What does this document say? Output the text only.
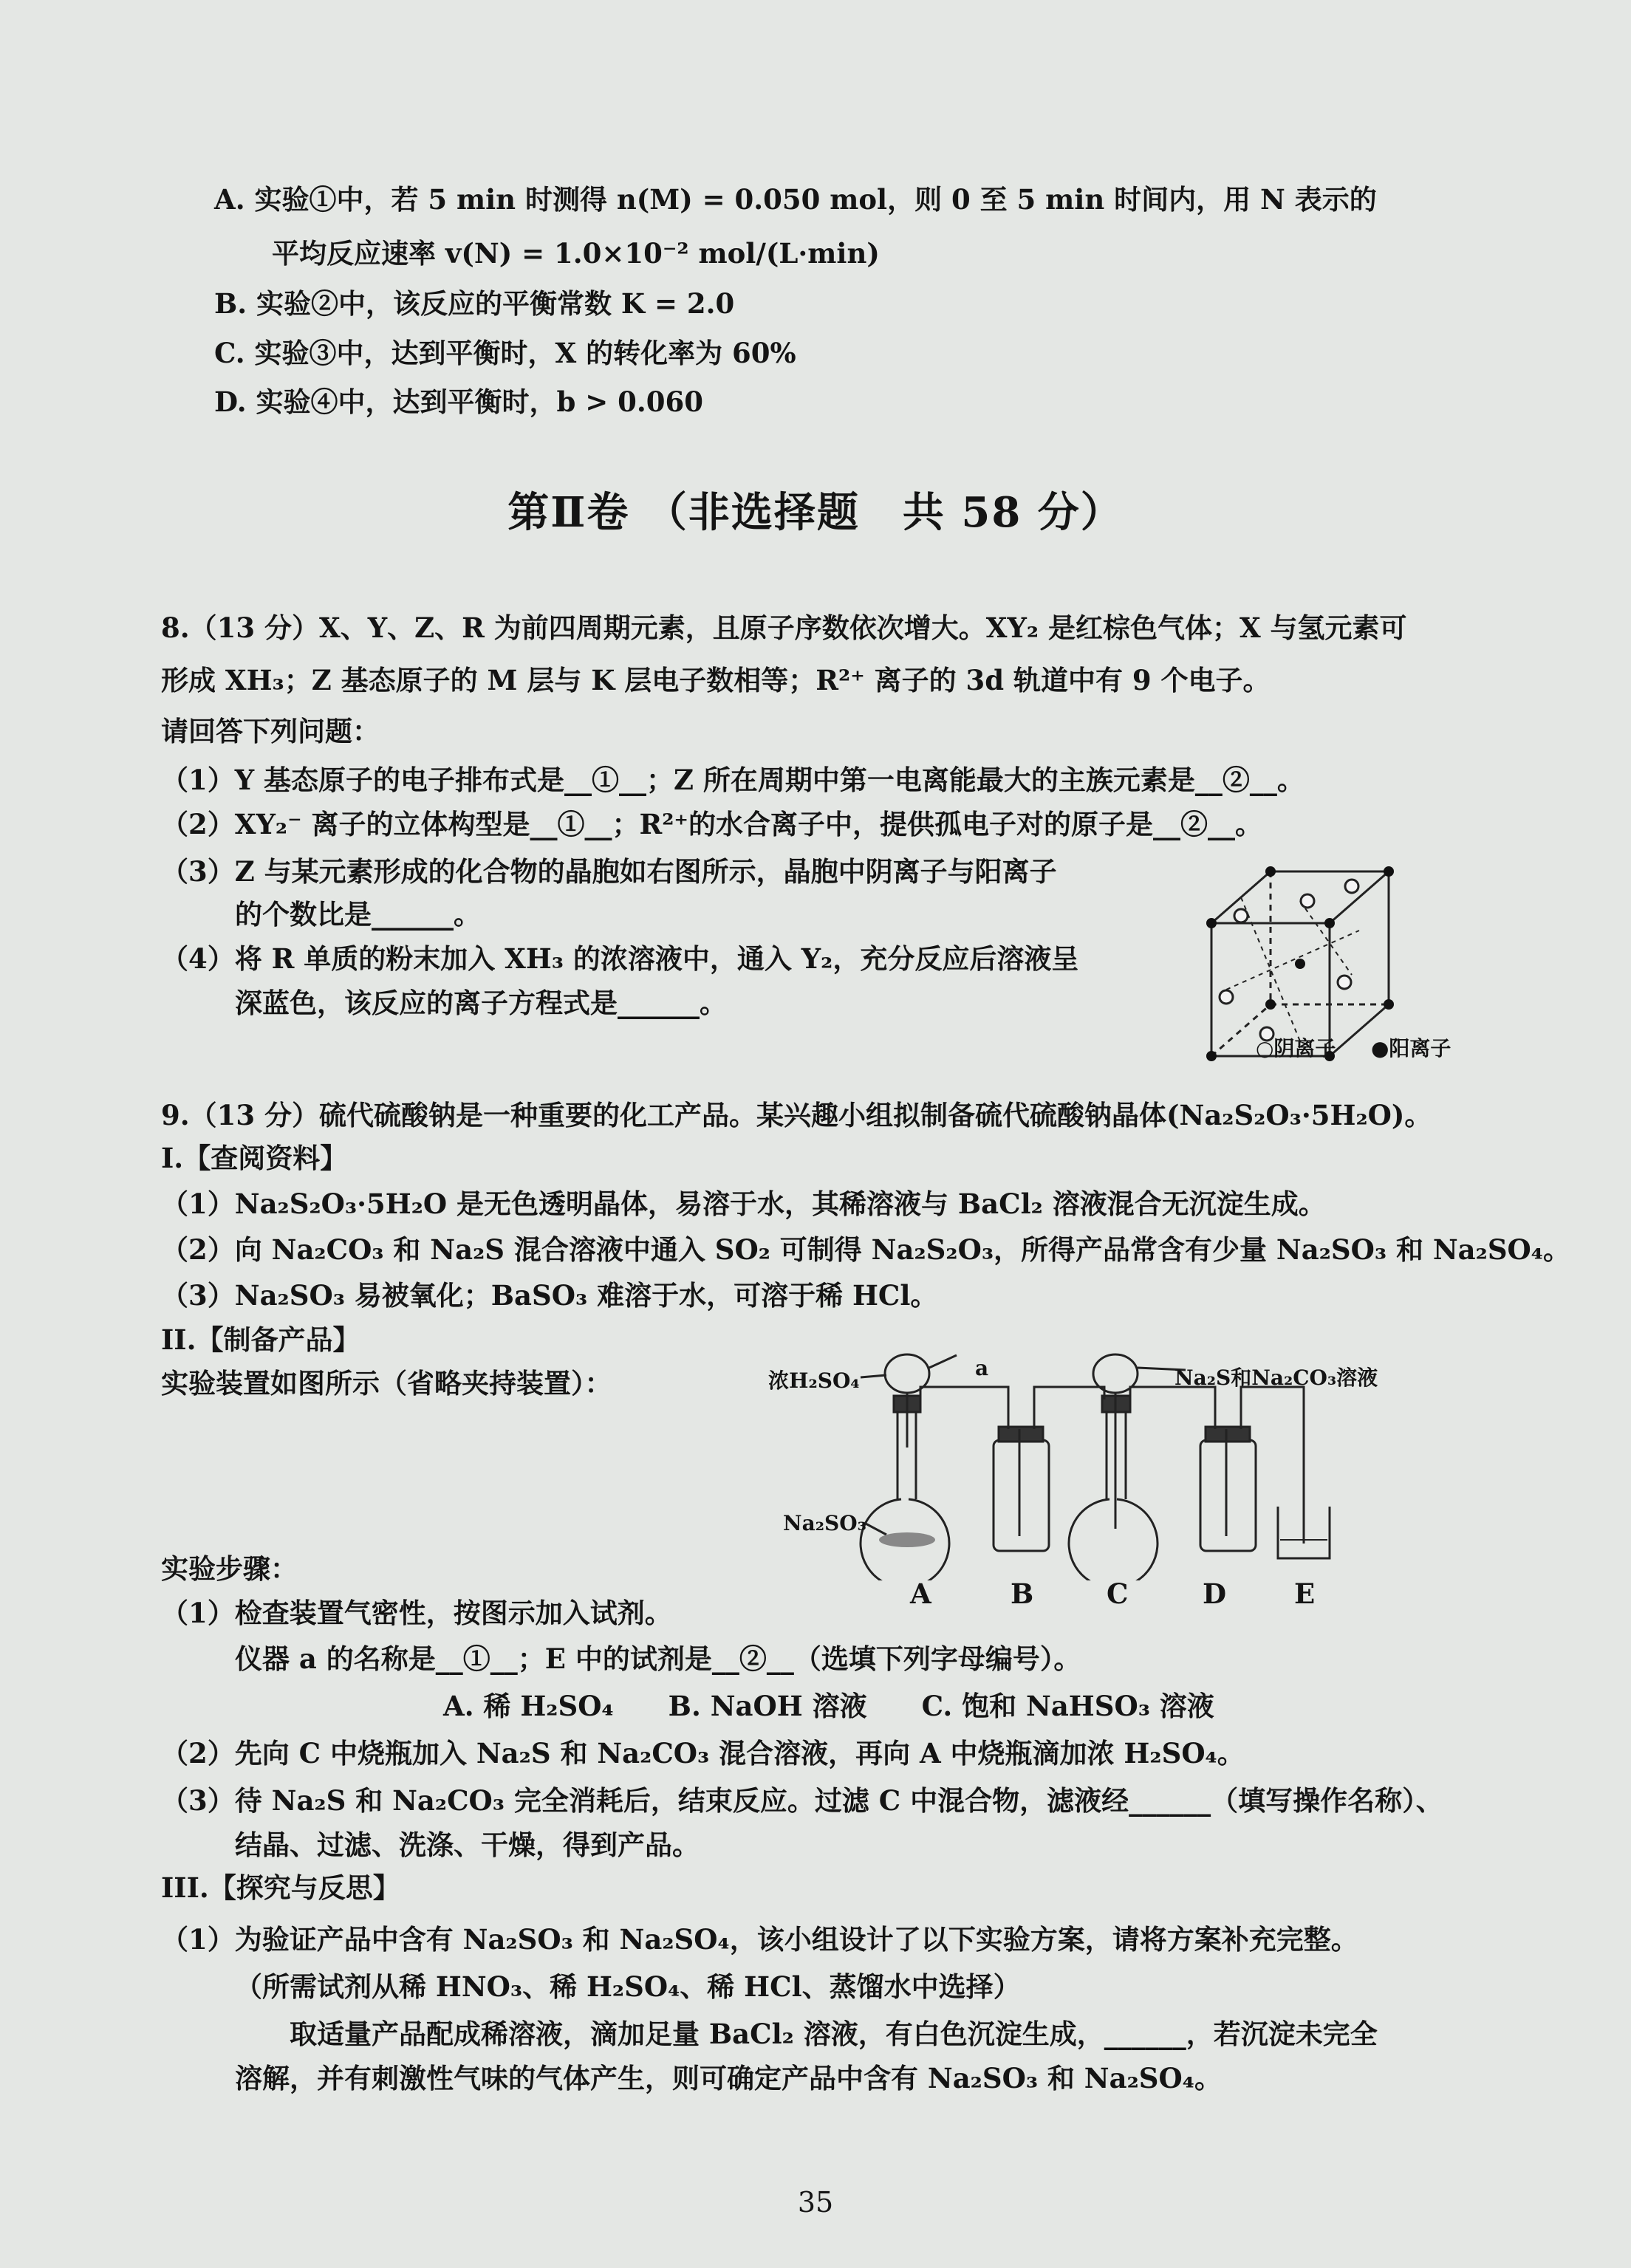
A. 实验①中，若 5 min 时测得 n(M) = 0.050 mol，则 0 至 5 min 时间内，用 N 表示的
平均反应速率 v(N) = 1.0×10⁻² mol/(L·min)
B. 实验②中，该反应的平衡常数 K = 2.0
C. 实验③中，达到平衡时，X 的转化率为 60%
D. 实验④中，达到平衡时，b > 0.060
第Ⅱ卷 （非选择题　共 58 分）
8.（13 分）X、Y、Z、R 为前四周期元素，且原子序数依次增大。XY₂ 是红棕色气体；X 与氢元素可
形成 XH₃；Z 基态原子的 M 层与 K 层电子数相等；R²⁺ 离子的 3d 轨道中有 9 个电子。
请回答下列问题：
（1）Y 基态原子的电子排布式是__①__；Z 所在周期中第一电离能最大的主族元素是__②__。
（2）XY₂⁻ 离子的立体构型是__①__；R²⁺的水合离子中，提供孤电子对的原子是__②__。
（3）Z 与某元素形成的化合物的晶胞如右图所示，晶胞中阴离子与阳离子
的个数比是______。
（4）将 R 单质的粉末加入 XH₃ 的浓溶液中，通入 Y₂，充分反应后溶液呈
深蓝色，该反应的离子方程式是______。
○阴离子 ●阳离子
9.（13 分）硫代硫酸钠是一种重要的化工产品。某兴趣小组拟制备硫代硫酸钠晶体(Na₂S₂O₃·5H₂O)。
I.【查阅资料】
（1）Na₂S₂O₃·5H₂O 是无色透明晶体，易溶于水，其稀溶液与 BaCl₂ 溶液混合无沉淀生成。
（2）向 Na₂CO₃ 和 Na₂S 混合溶液中通入 SO₂ 可制得 Na₂S₂O₃，所得产品常含有少量 Na₂SO₃ 和 Na₂SO₄。
（3）Na₂SO₃ 易被氧化；BaSO₃ 难溶于水，可溶于稀 HCl。
II.【制备产品】
实验装置如图所示（省略夹持装置）：	浓H₂SO₄
a	Na₂S和Na₂CO₃溶液
Na₂SO₃
A	B	C	D E
实验步骤：
（1）检查装置气密性，按图示加入试剂。
仪器 a 的名称是__①__；E 中的试剂是__②__（选填下列字母编号）。
A. 稀 H₂SO₄　　B. NaOH 溶液　　C. 饱和 NaHSO₃ 溶液
（2）先向 C 中烧瓶加入 Na₂S 和 Na₂CO₃ 混合溶液，再向 A 中烧瓶滴加浓 H₂SO₄。
（3）待 Na₂S 和 Na₂CO₃ 完全消耗后，结束反应。过滤 C 中混合物，滤液经______（填写操作名称）、
结晶、过滤、洗涤、干燥，得到产品。
III.【探究与反思】
（1）为验证产品中含有 Na₂SO₃ 和 Na₂SO₄，该小组设计了以下实验方案，请将方案补充完整。
（所需试剂从稀 HNO₃、稀 H₂SO₄、稀 HCl、蒸馏水中选择）
取适量产品配成稀溶液，滴加足量 BaCl₂ 溶液，有白色沉淀生成，______，若沉淀未完全
溶解，并有刺激性气味的气体产生，则可确定产品中含有 Na₂SO₃ 和 Na₂SO₄。
35
